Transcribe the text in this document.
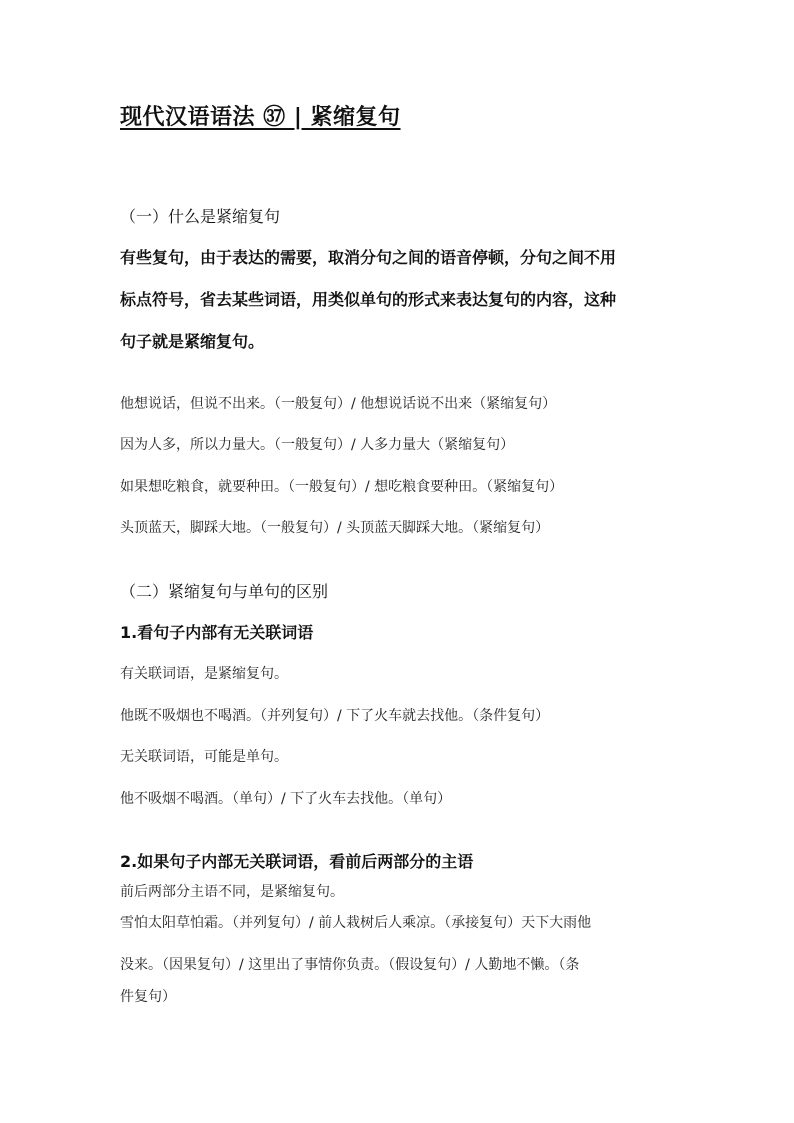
现代汉语语法 ㊲ | 紧缩复句
（一）什么是紧缩复句
有些复句，由于表达的需要，取消分句之间的语音停顿，分句之间不用
标点符号，省去某些词语，用类似单句的形式来表达复句的内容，这种
句子就是紧缩复句。
他想说话，但说不出来。（一般复句）/ 他想说话说不出来（紧缩复句）
因为人多，所以力量大。（一般复句）/ 人多力量大（紧缩复句）
如果想吃粮食，就要种田。（一般复句）/ 想吃粮食要种田。（紧缩复句）
头顶蓝天，脚踩大地。（一般复句）/ 头顶蓝天脚踩大地。（紧缩复句）
（二）紧缩复句与单句的区别
1.看句子内部有无关联词语
有关联词语，是紧缩复句。
他既不吸烟也不喝酒。（并列复句）/ 下了火车就去找他。（条件复句）
无关联词语，可能是单句。
他不吸烟不喝酒。（单句）/ 下了火车去找他。（单句）
2.如果句子内部无关联词语，看前后两部分的主语
前后两部分主语不同，是紧缩复句。
雪怕太阳草怕霜。（并列复句）/ 前人栽树后人乘凉。（承接复句）天下大雨他
没来。（因果复句）/ 这里出了事情你负责。（假设复句）/ 人勤地不懒。（条
件复句）
